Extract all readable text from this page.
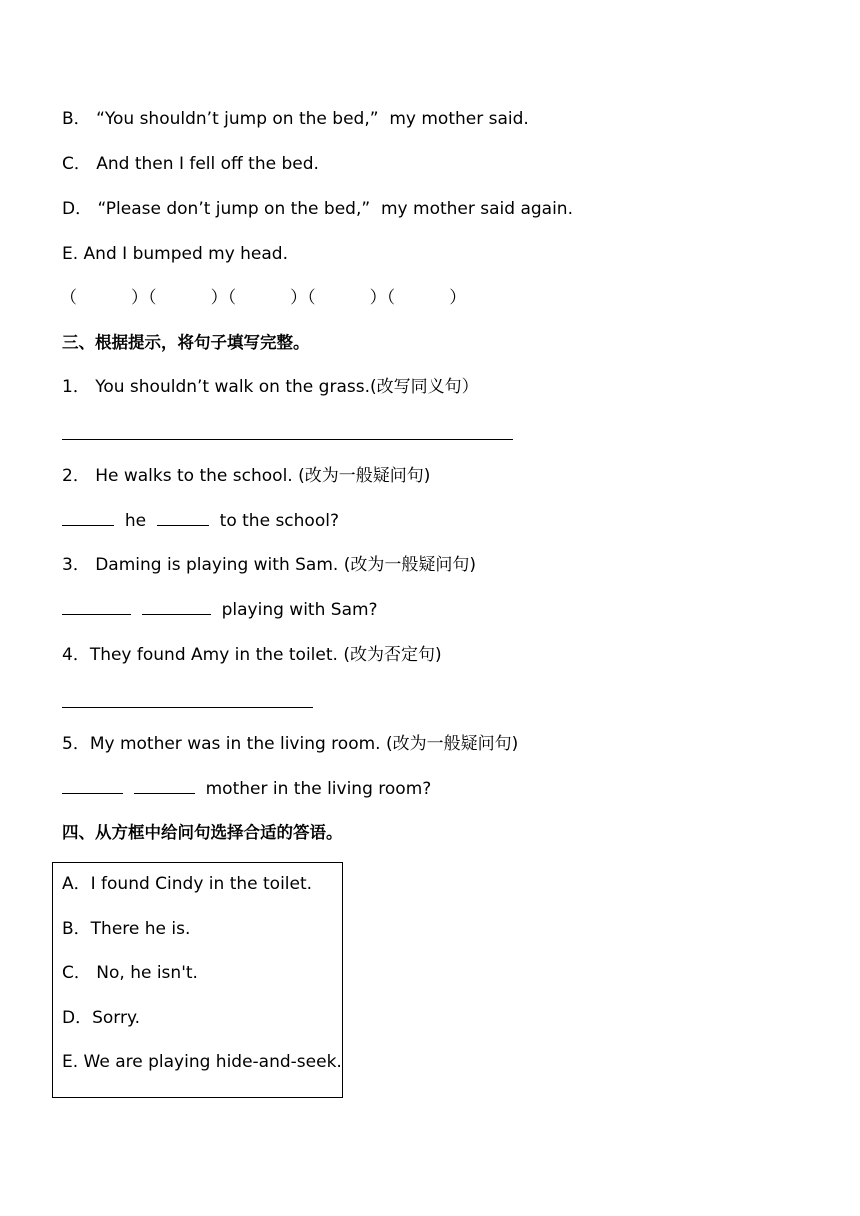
B． “You shouldn’t jump on the bed,”  my mother said.
C． And then I fell off the bed.
D． “Please don’t jump on the bed,”  my mother said again.
E. And I bumped my head.
（          ）（          ）（          ）（          ）（          ）
三、根据提示，将句子填写完整。
1． You shouldn’t walk on the grass.(改写同义句）
2． He walks to the school. (改为一般疑问句)
he	to the school?
3． Daming is playing with Sam. (改为一般疑问句)
playing with Sam?
4．They found Amy in the toilet. (改为否定句)
5．My mother was in the living room. (改为一般疑问句)
mother in the living room?
四、从方框中给问句选择合适的答语。
A．I found Cindy in the toilet.
B．There he is.
C． No, he isn't.
D．Sorry.
E. We are playing hide-and-seek.
